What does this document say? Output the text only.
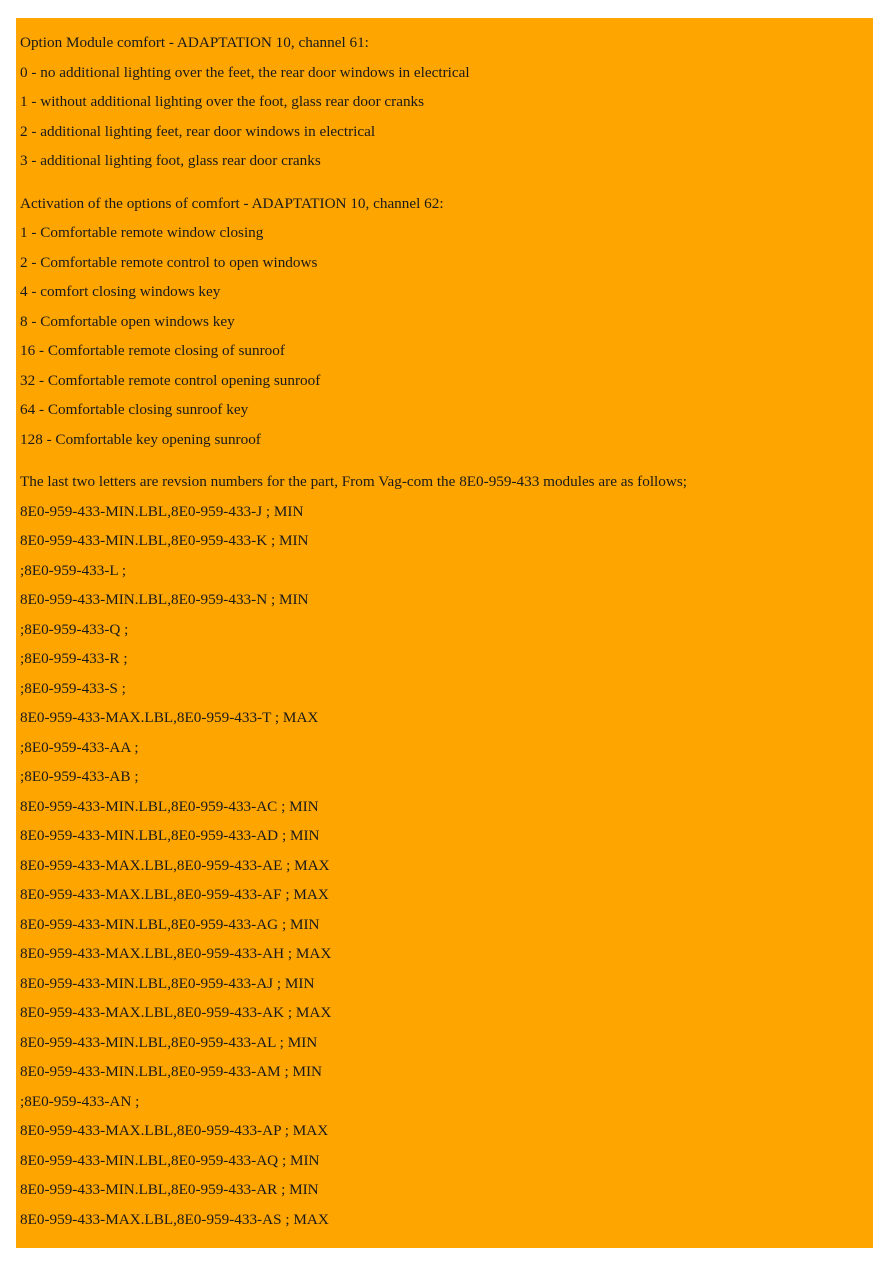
Option Module comfort - ADAPTATION 10, channel 61:

0 - no additional lighting over the feet, the rear door windows in electrical
1 - without additional lighting over the foot, glass rear door cranks
2 - additional lighting feet, rear door windows in electrical
3 - additional lighting foot, glass rear door cranks

Activation of the options of comfort - ADAPTATION 10, channel 62:

1 - Comfortable remote window closing
2 - Comfortable remote control to open windows
4 - comfort closing windows key
8 - Comfortable open windows key
16 - Comfortable remote closing of sunroof
32 - Comfortable remote control opening sunroof
64 - Comfortable closing sunroof key
128 - Comfortable key opening sunroof

The last two letters are revsion numbers for the part, From Vag-com the 8E0-959-433 modules are as follows;

8E0-959-433-MIN.LBL,8E0-959-433-J ; MIN
8E0-959-433-MIN.LBL,8E0-959-433-K ; MIN
;8E0-959-433-L ;
8E0-959-433-MIN.LBL,8E0-959-433-N ; MIN
;8E0-959-433-Q ;
;8E0-959-433-R ;
;8E0-959-433-S ;
8E0-959-433-MAX.LBL,8E0-959-433-T ; MAX
;8E0-959-433-AA ;
;8E0-959-433-AB ;
8E0-959-433-MIN.LBL,8E0-959-433-AC ; MIN
8E0-959-433-MIN.LBL,8E0-959-433-AD ; MIN
8E0-959-433-MAX.LBL,8E0-959-433-AE ; MAX
8E0-959-433-MAX.LBL,8E0-959-433-AF ; MAX
8E0-959-433-MIN.LBL,8E0-959-433-AG ; MIN
8E0-959-433-MAX.LBL,8E0-959-433-AH ; MAX
8E0-959-433-MIN.LBL,8E0-959-433-AJ ; MIN
8E0-959-433-MAX.LBL,8E0-959-433-AK ; MAX
8E0-959-433-MIN.LBL,8E0-959-433-AL ; MIN
8E0-959-433-MIN.LBL,8E0-959-433-AM ; MIN
;8E0-959-433-AN ;
8E0-959-433-MAX.LBL,8E0-959-433-AP ; MAX
8E0-959-433-MIN.LBL,8E0-959-433-AQ ; MIN
8E0-959-433-MIN.LBL,8E0-959-433-AR ; MIN
8E0-959-433-MAX.LBL,8E0-959-433-AS ; MAX
